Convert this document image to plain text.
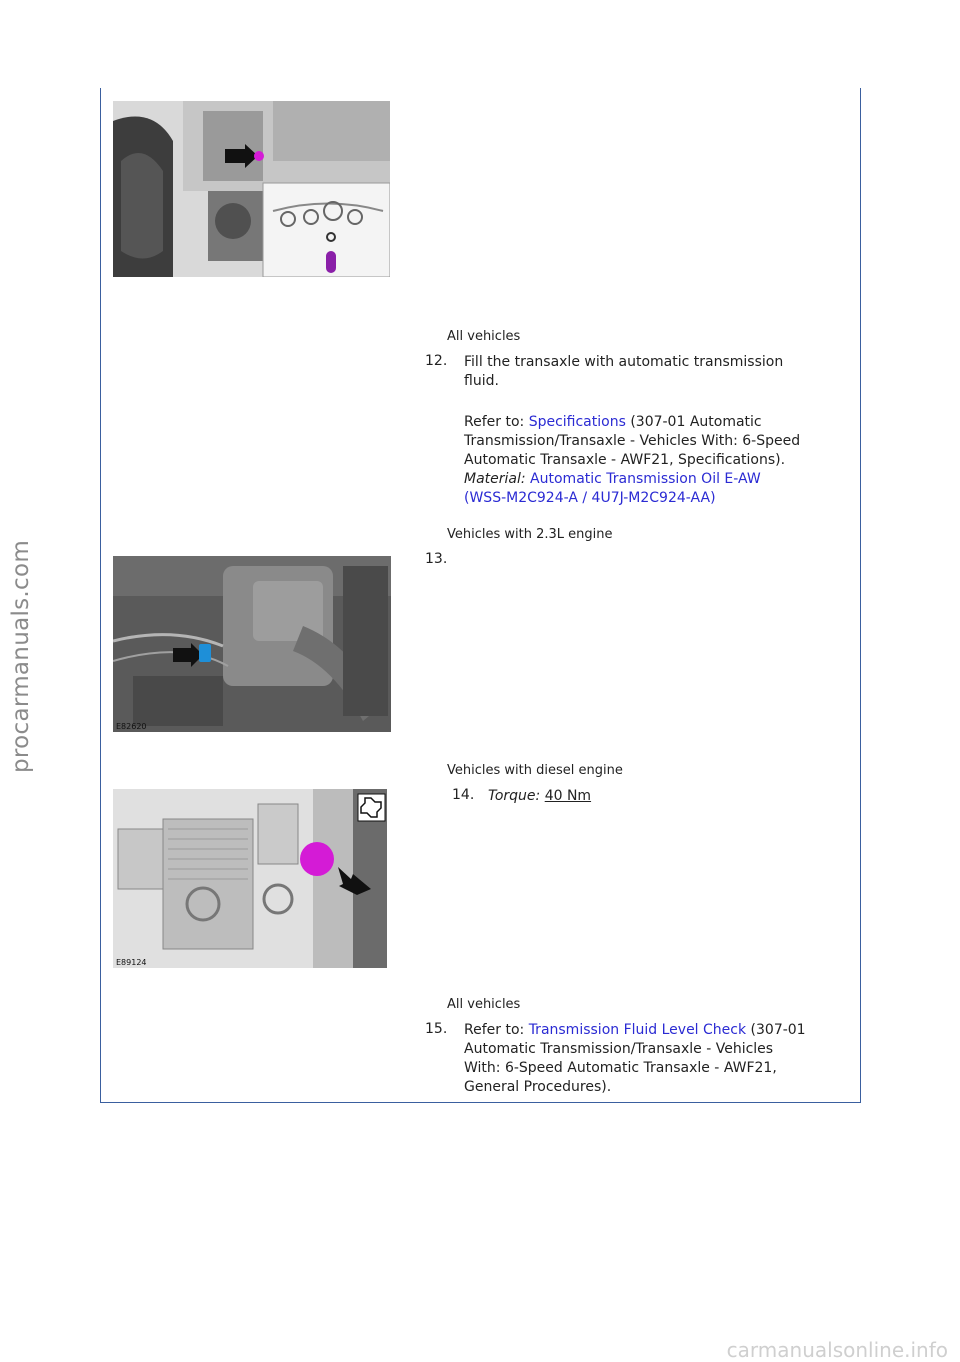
All vehicles
12. Fill the transaxle with automatic transmission
fluid.
Refer to: Specifications (307-01 Automatic
Transmission/Transaxle - Vehicles With: 6-Speed
Automatic Transaxle - AWF21, Specifications).
Material: Automatic Transmission Oil E-AW
(WSS-M2C924-A / 4U7J-M2C924-AA)
Vehicles with 2.3L engine
13.
E82620
Vehicles with diesel engine
14. Torque: 40 Nm
E89124
All vehicles
15. Refer to: Transmission Fluid Level Check (307-01
Automatic Transmission/Transaxle - Vehicles
With: 6-Speed Automatic Transaxle - AWF21,
General Procedures).
procarmanuals.com
carmanualsonline.info
